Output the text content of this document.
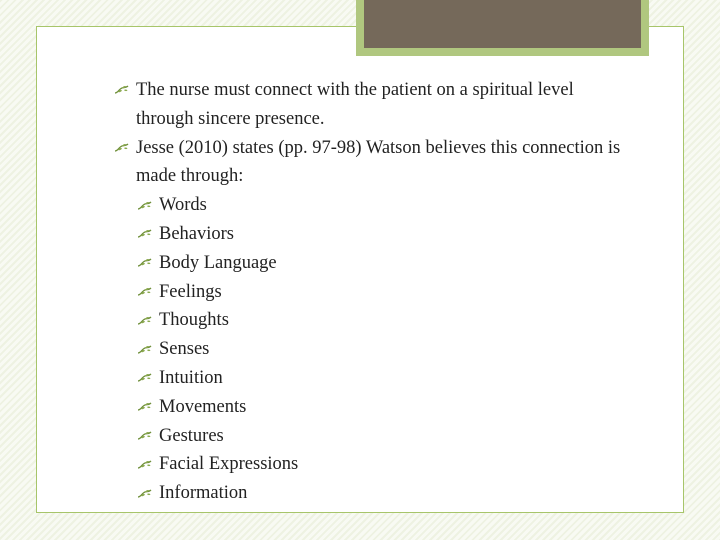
The nurse must connect with the patient on a spiritual level through sincere presence.
Jesse (2010) states (pp. 97-98) Watson believes this connection is made through:
Words
Behaviors
Body Language
Feelings
Thoughts
Senses
Intuition
Movements
Gestures
Facial Expressions
Information
